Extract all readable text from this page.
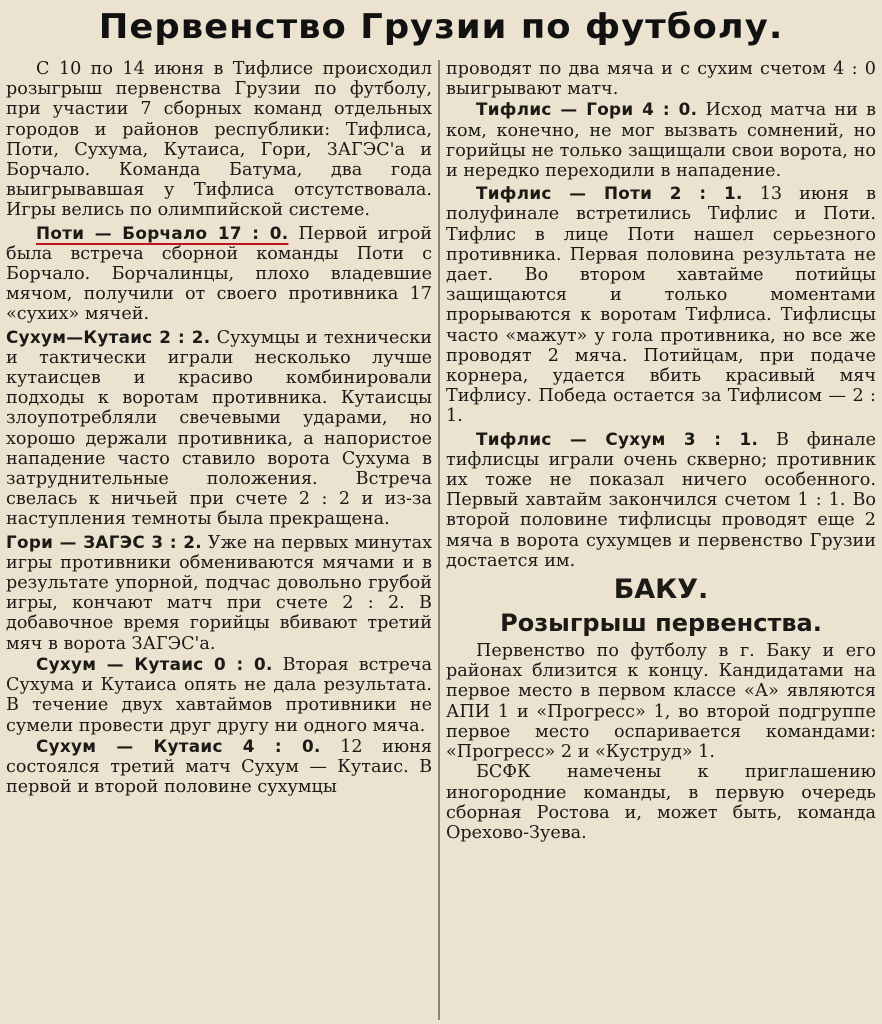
Первенство Грузии по футболу.

С 10 по 14 июня в Тифлисе происходил розыгрыш первенства Грузии по футболу, при участии 7 сборных команд отдельных городов и районов республики: Тифлиса, Поти, Сухума, Кутаиса, Гори, ЗАГЭС'а и Борчало. Команда Батума, два года выигрывавшая у Тифлиса отсутствовала. Игры велись по олимпийской системе.

Поти — Борчало 17 : 0. Первой игрой была встреча сборной команды Поти с Борчало. Борчалинцы, плохо владевшие мячом, получили от своего противника 17 «сухих» мячей.

Сухум—Кутаис 2 : 2. Сухумцы и технически и тактически играли несколько лучше кутаисцев и красиво комбинировали подходы к воротам противника. Кутаисцы злоупотребляли свечевыми ударами, но хорошо держали противника, а напористое нападение часто ставило ворота Сухума в затруднительные положения. Встреча свелась к ничьей при счете 2 : 2 и из-за наступления темноты была прекращена.

Гори — ЗАГЭС 3 : 2. Уже на первых минутах игры противники обмениваются мячами и в результате упорной, подчас довольно грубой игры, кончают матч при счете 2 : 2. В добавочное время горийцы вбивают третий мяч в ворота ЗАГЭС'а.

Сухум — Кутаис 0 : 0. Вторая встреча Сухума и Кутаиса опять не дала результата. В течение двух хавтаймов противники не сумели провести друг другу ни одного мяча.

Сухум — Кутаис 4 : 0. 12 июня состоялся третий матч Сухум — Кутаис. В первой и второй половине сухумцы

проводят по два мяча и с сухим счетом 4 : 0 выигрывают матч.

Тифлис — Гори 4 : 0. Исход матча ни в ком, конечно, не мог вызвать сомнений, но горийцы не только защищали свои ворота, но и нередко переходили в нападение.

Тифлис — Поти 2 : 1. 13 июня в полуфинале встретились Тифлис и Поти. Тифлис в лице Поти нашел серьезного противника. Первая половина результата не дает. Во втором хавтайме потийцы защищаются и только моментами прорываются к воротам Тифлиса. Тифлисцы часто «мажут» у гола противника, но все же проводят 2 мяча. Потийцам, при подаче корнера, удается вбить красивый мяч Тифлису. Победа остается за Тифлисом — 2 : 1.

Тифлис — Сухум 3 : 1. В финале тифлисцы играли очень скверно; противник их тоже не показал ничего особенного. Первый хавтайм закончился счетом 1 : 1. Во второй половине тифлисцы проводят еще 2 мяча в ворота сухумцев и первенство Грузии достается им.

БАКУ.
Розыгрыш первенства.

Первенство по футболу в г. Баку и его районах близится к концу. Кандидатами на первое место в первом классе «А» являются АПИ 1 и «Прогресс» 1, во второй подгруппе первое место оспаривается командами: «Прогресс» 2 и «Куструд» 1.

БСФК намечены к приглашению иногородние команды, в первую очередь сборная Ростова и, может быть, команда Орехово-Зуева.
